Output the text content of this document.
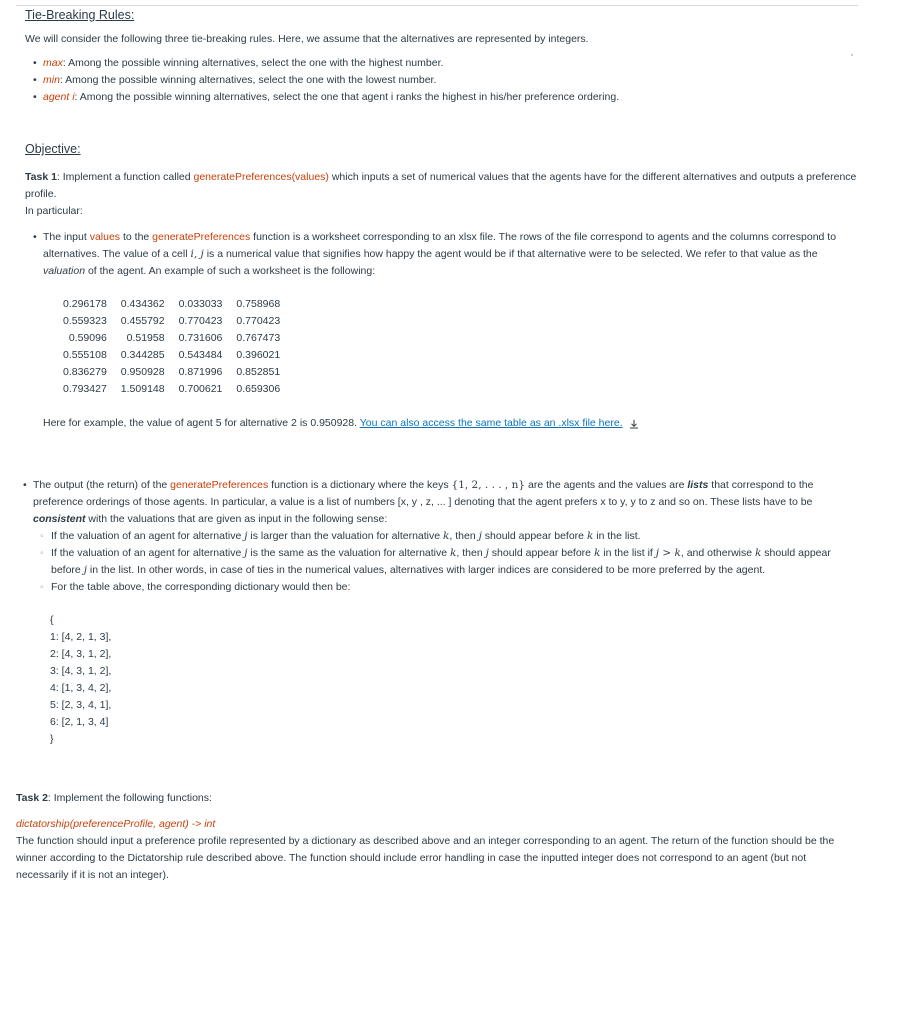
Tie-Breaking Rules:
We will consider the following three tie-breaking rules. Here, we assume that the alternatives are represented by integers.
• max: Among the possible winning alternatives, select the one with the highest number.
• min: Among the possible winning alternatives, select the one with the lowest number.
• agent i: Among the possible winning alternatives, select the one that agent i ranks the highest in his/her preference ordering.
Objective:
Task 1: Implement a function called generatePreferences(values) which inputs a set of numerical values that the agents have for the different alternatives and outputs a preference profile.
In particular:
• The input values to the generatePreferences function is a worksheet corresponding to an xlsx file. The rows of the file correspond to agents and the columns correspond to alternatives. The value of a cell i, j is a numerical value that signifies how happy the agent would be if that alternative were to be selected. We refer to that value as the valuation of the agent. An example of such a worksheet is the following:
0.296178	0.434362	0.033033	0.758968
0.559323	0.455792	0.770423	0.770423
0.59096	0.51958	0.731606	0.767473
0.555108	0.344285	0.543484	0.396021
0.836279	0.950928	0.871996	0.852851
0.793427	1.509148	0.700621	0.659306
Here for example, the value of agent 5 for alternative 2 is 0.950928. You can also access the same table as an .xlsx file here.
• The output (the return) of the generatePreferences function is a dictionary where the keys {1, 2, . . . , n} are the agents and the values are lists that correspond to the preference orderings of those agents. In particular, a value is a list of numbers [x, y , z, ... ] denoting that the agent prefers x to y, y to z and so on. These lists have to be consistent with the valuations that are given as input in the following sense:
◦ If the valuation of an agent for alternative j is larger than the valuation for alternative k, then j should appear before k in the list.
◦ If the valuation of an agent for alternative j is the same as the valuation for alternative k, then j should appear before k in the list if j > k, and otherwise k should appear before j in the list. In other words, in case of ties in the numerical values, alternatives with larger indices are considered to be more preferred by the agent.
◦ For the table above, the corresponding dictionary would then be:
{
1: [4, 2, 1, 3],
2: [4, 3, 1, 2],
3: [4, 3, 1, 2],
4: [1, 3, 4, 2],
5: [2, 3, 4, 1],
6: [2, 1, 3, 4]
}
Task 2: Implement the following functions:
dictatorship(preferenceProfile, agent) -> int
The function should input a preference profile represented by a dictionary as described above and an integer corresponding to an agent. The return of the function should be the winner according to the Dictatorship rule described above. The function should include error handling in case the inputted integer does not correspond to an agent (but not necessarily if it is not an integer).
